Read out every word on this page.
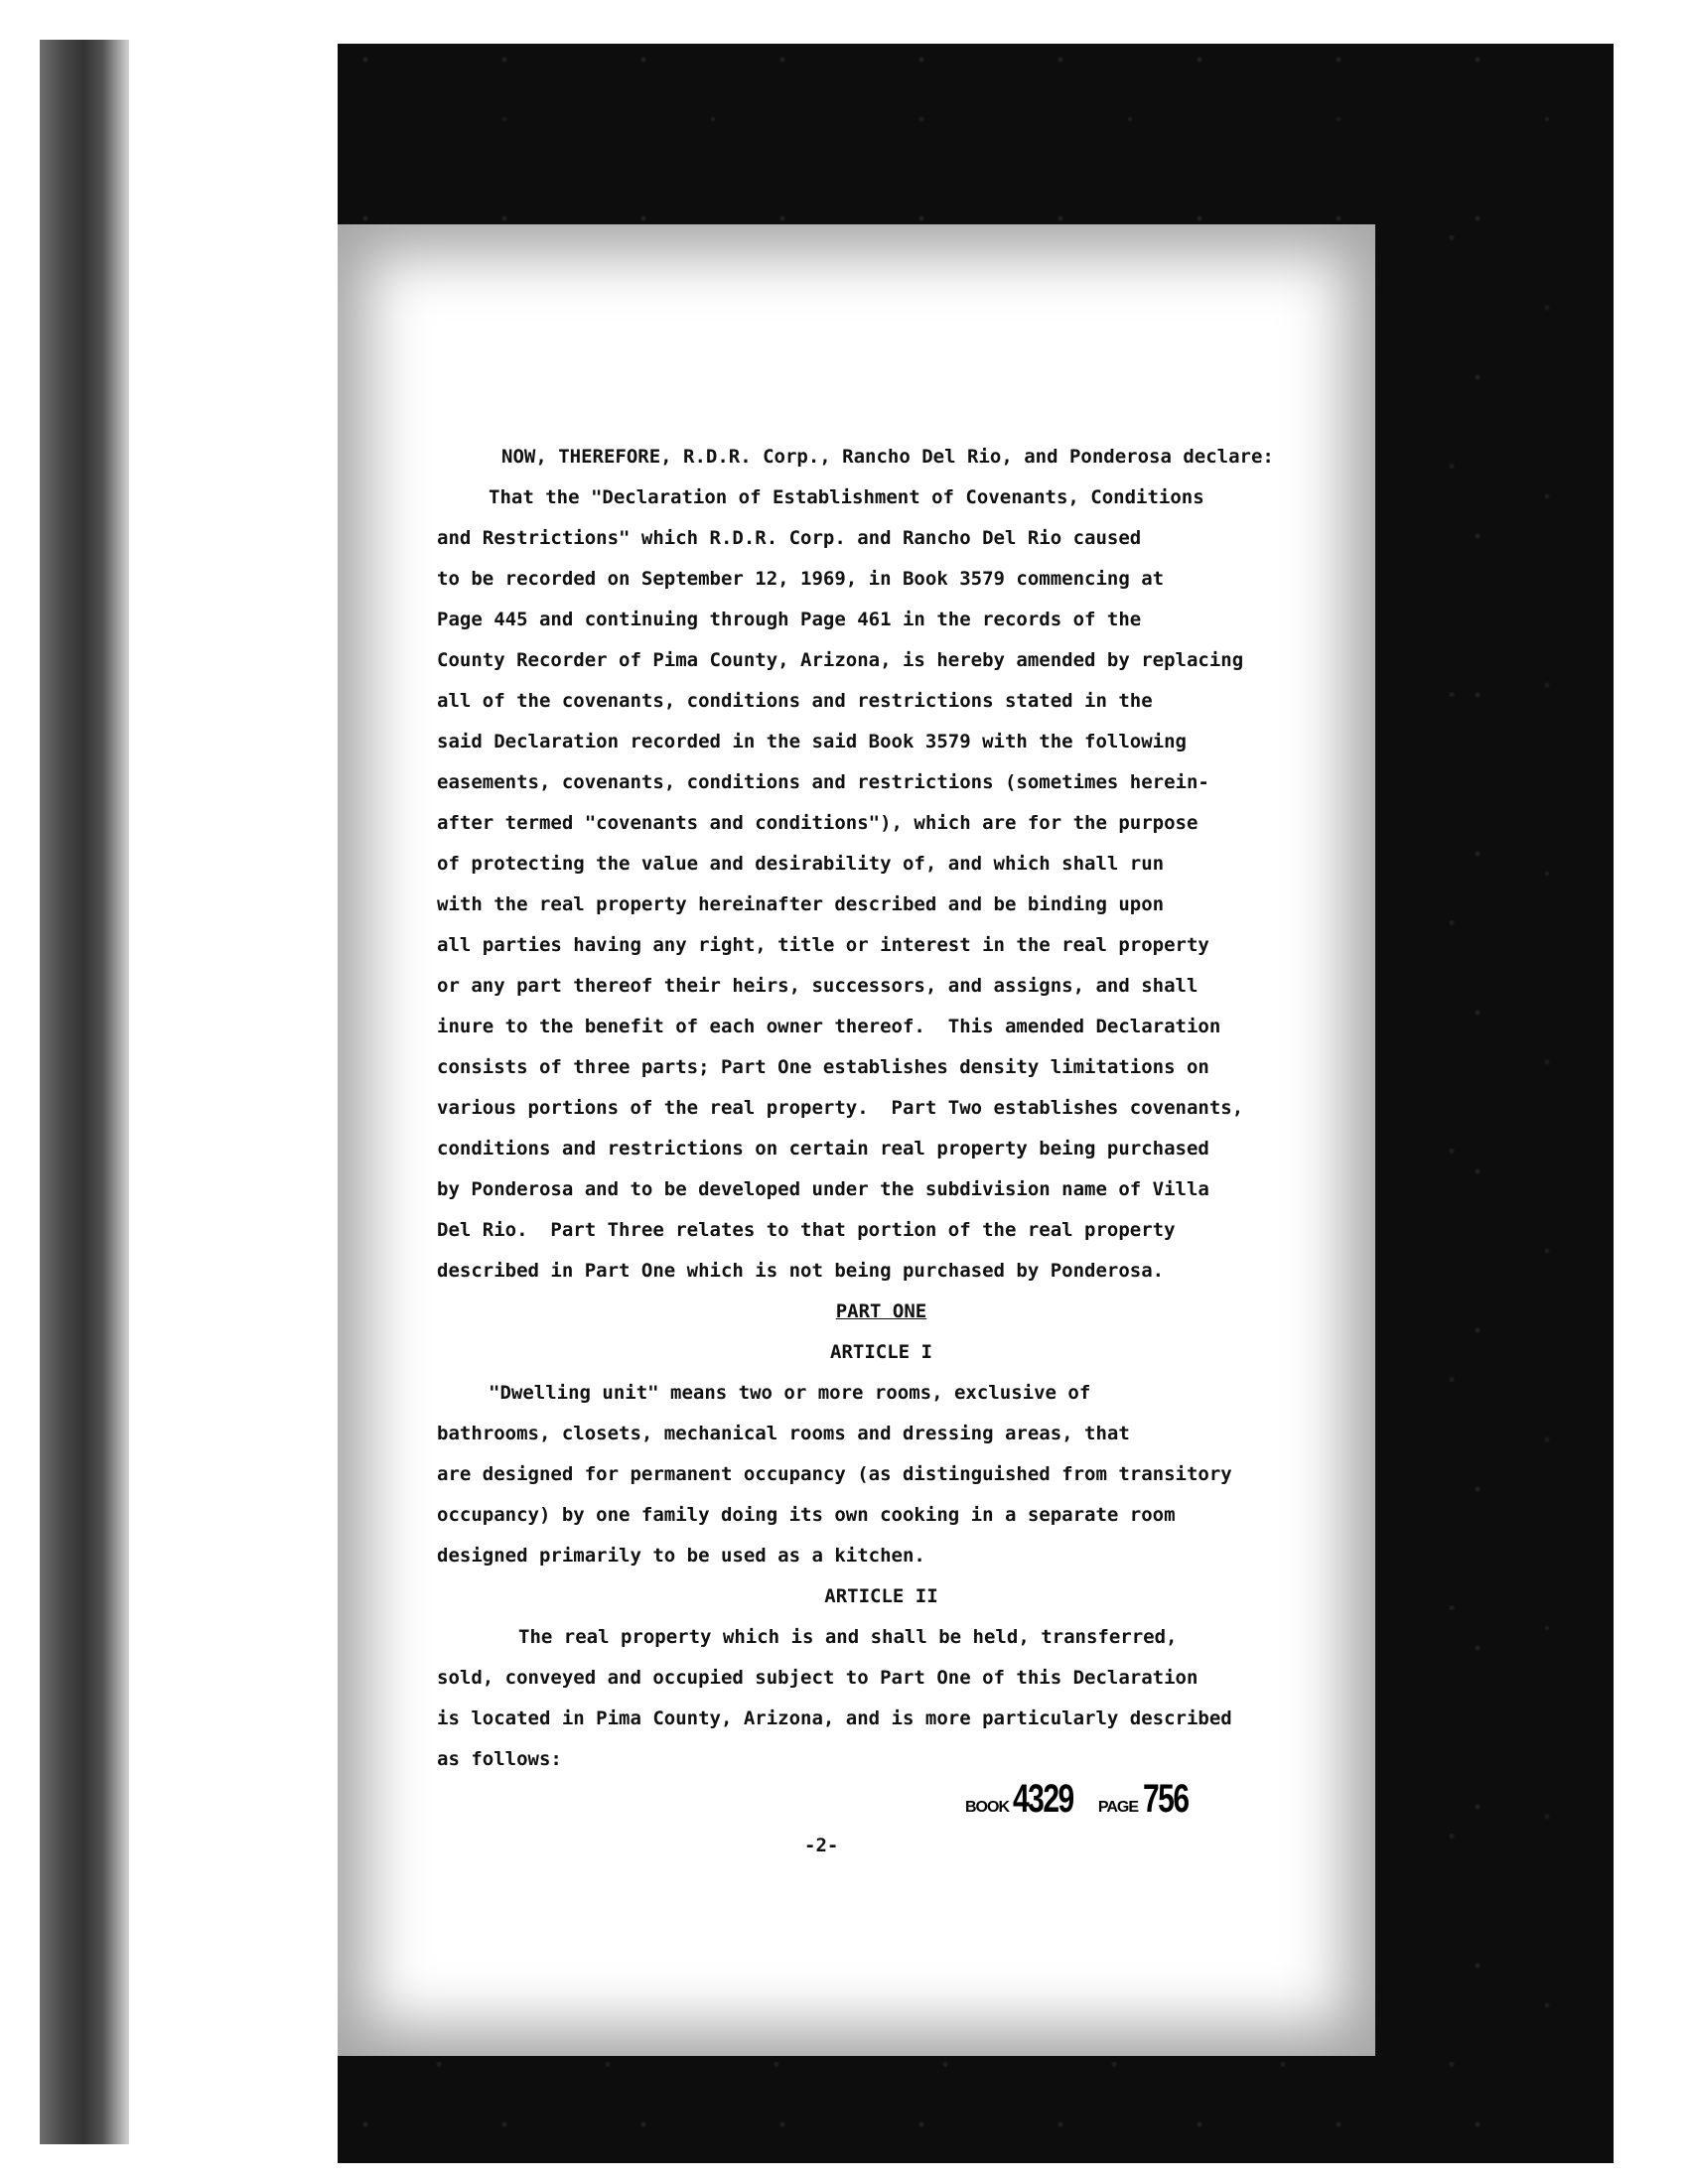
NOW, THEREFORE, R.D.R. Corp., Rancho Del Rio, and Ponderosa declare:
That the "Declaration of Establishment of Covenants, Conditions
and Restrictions" which R.D.R. Corp. and Rancho Del Rio caused
to be recorded on September 12, 1969, in Book 3579 commencing at
Page 445 and continuing through Page 461 in the records of the
County Recorder of Pima County, Arizona, is hereby amended by replacing
all of the covenants, conditions and restrictions stated in the
said Declaration recorded in the said Book 3579 with the following
easements, covenants, conditions and restrictions (sometimes herein-
after termed "covenants and conditions"), which are for the purpose
of protecting the value and desirability of, and which shall run
with the real property hereinafter described and be binding upon
all parties having any right, title or interest in the real property
or any part thereof their heirs, successors, and assigns, and shall
inure to the benefit of each owner thereof.  This amended Declaration
consists of three parts; Part One establishes density limitations on
various portions of the real property.  Part Two establishes covenants,
conditions and restrictions on certain real property being purchased
by Ponderosa and to be developed under the subdivision name of Villa
Del Rio.  Part Three relates to that portion of the real property
described in Part One which is not being purchased by Ponderosa.
PART ONE
ARTICLE I
"Dwelling unit" means two or more rooms, exclusive of
bathrooms, closets, mechanical rooms and dressing areas, that
are designed for permanent occupancy (as distinguished from transitory
occupancy) by one family doing its own cooking in a separate room
designed primarily to be used as a kitchen.
ARTICLE II
The real property which is and shall be held, transferred,
sold, conveyed and occupied subject to Part One of this Declaration
is located in Pima County, Arizona, and is more particularly described
as follows:
BOOK 4329 PAGE 756
-2-
